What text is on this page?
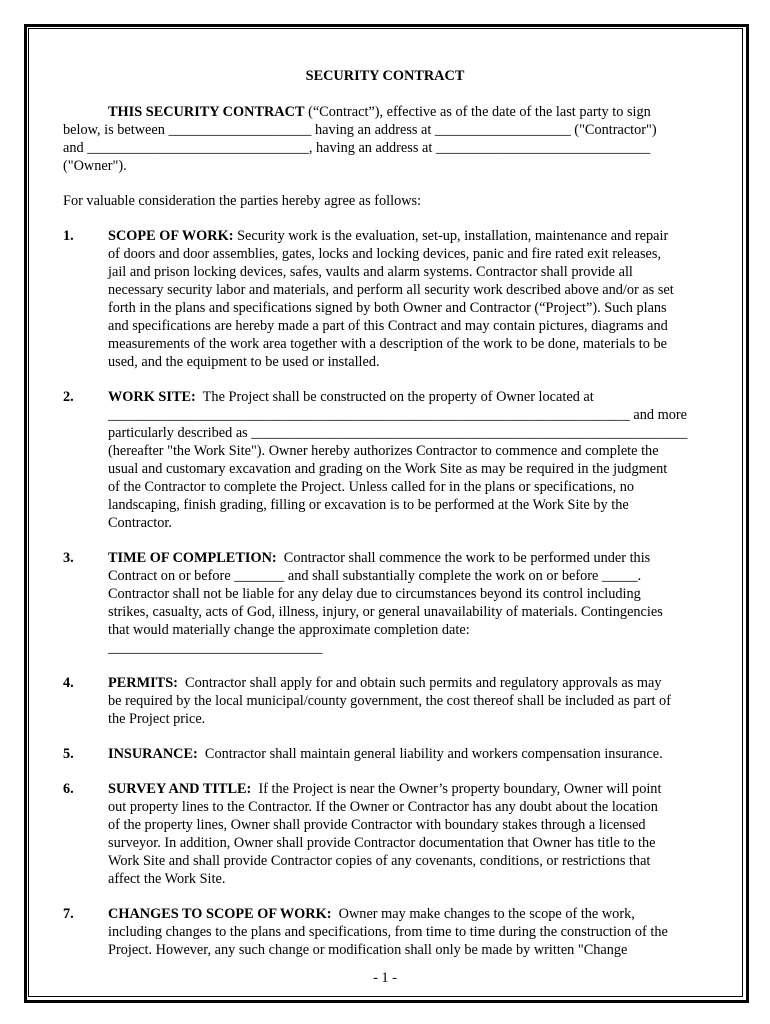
SECURITY CONTRACT

THIS SECURITY CONTRACT (“Contract”), effective as of the date of the last party to sign

below, is between ____________________ having an address at ___________________ ("Contractor")

and _______________________________, having an address at ______________________________

("Owner").

For valuable consideration the parties hereby agree as follows:

1. SCOPE OF WORK: Security work is the evaluation, set-up, installation, maintenance and repair

of doors and door assemblies, gates, locks and locking devices, panic and fire rated exit releases,

jail and prison locking devices, safes, vaults and alarm systems. Contractor shall provide all

necessary security labor and materials, and perform all security work described above and/or as set

forth in the plans and specifications signed by both Owner and Contractor (“Project”). Such plans

and specifications are hereby made a part of this Contract and may contain pictures, diagrams and

measurements of the work area together with a description of the work to be done, materials to be

used, and the equipment to be used or installed.

2. WORK SITE:  The Project shall be constructed on the property of Owner located at

_________________________________________________________________________ and more

particularly described as _____________________________________________________________

(hereafter "the Work Site"). Owner hereby authorizes Contractor to commence and complete the

usual and customary excavation and grading on the Work Site as may be required in the judgment

of the Contractor to complete the Project. Unless called for in the plans or specifications, no

landscaping, finish grading, filling or excavation is to be performed at the Work Site by the

Contractor.

3. TIME OF COMPLETION:  Contractor shall commence the work to be performed under this

Contract on or before _______ and shall substantially complete the work on or before _____.

Contractor shall not be liable for any delay due to circumstances beyond its control including

strikes, casualty, acts of God, illness, injury, or general unavailability of materials. Contingencies

that would materially change the approximate completion date:

______________________________

4. PERMITS:  Contractor shall apply for and obtain such permits and regulatory approvals as may

be required by the local municipal/county government, the cost thereof shall be included as part of

the Project price.

5. INSURANCE:  Contractor shall maintain general liability and workers compensation insurance.

6. SURVEY AND TITLE:  If the Project is near the Owner’s property boundary, Owner will point

out property lines to the Contractor. If the Owner or Contractor has any doubt about the location

of the property lines, Owner shall provide Contractor with boundary stakes through a licensed

surveyor. In addition, Owner shall provide Contractor documentation that Owner has title to the

Work Site and shall provide Contractor copies of any covenants, conditions, or restrictions that

affect the Work Site.

7. CHANGES TO SCOPE OF WORK:  Owner may make changes to the scope of the work,

including changes to the plans and specifications, from time to time during the construction of the

Project. However, any such change or modification shall only be made by written "Change

- 1 -
